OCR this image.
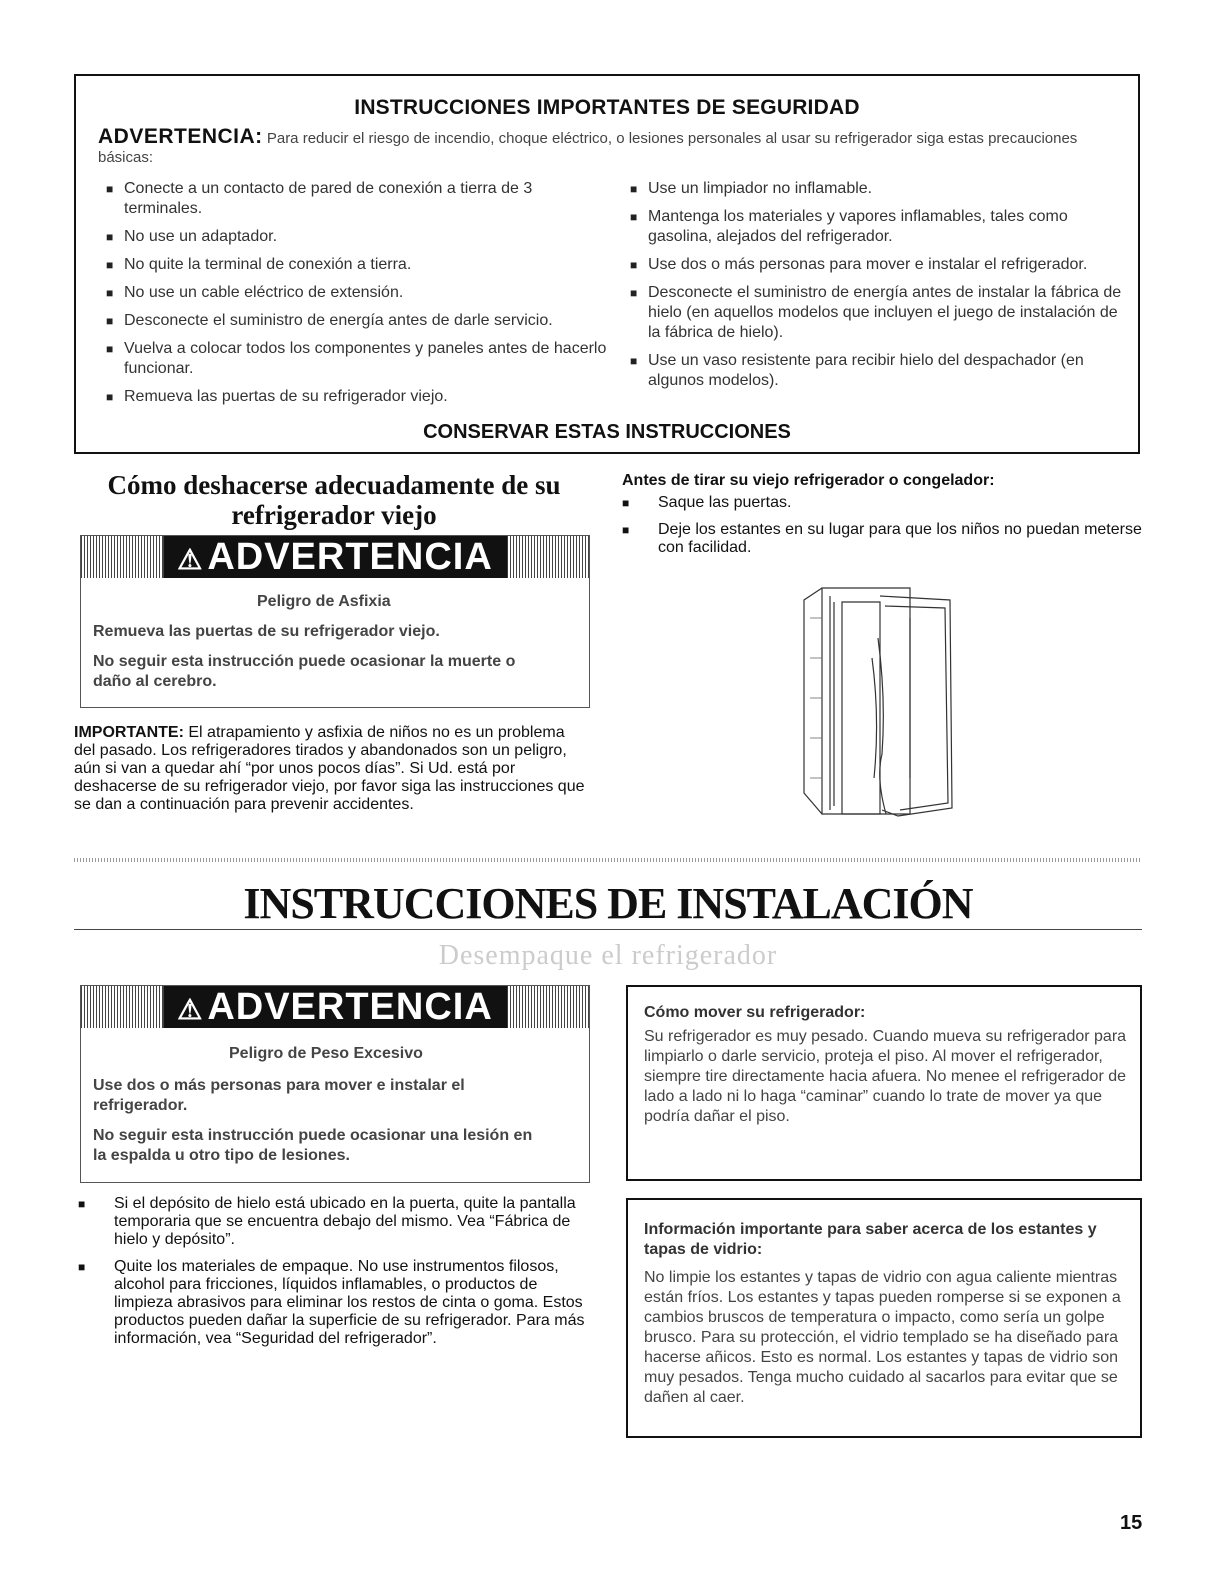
INSTRUCCIONES IMPORTANTES DE SEGURIDAD
ADVERTENCIA: Para reducir el riesgo de incendio, choque eléctrico, o lesiones personales al usar su refrigerador siga estas precauciones básicas:
■ Conecte a un contacto de pared de conexión a tierra de 3 terminales.
■ No use un adaptador.
■ No quite la terminal de conexión a tierra.
■ No use un cable eléctrico de extensión.
■ Desconecte el suministro de energía antes de darle servicio.
■ Vuelva a colocar todos los componentes y paneles antes de hacerlo funcionar.
■ Remueva las puertas de su refrigerador viejo.
■ Use un limpiador no inflamable.
■ Mantenga los materiales y vapores inflamables, tales como gasolina, alejados del refrigerador.
■ Use dos o más personas para mover e instalar el refrigerador.
■ Desconecte el suministro de energía antes de instalar la fábrica de hielo (en aquellos modelos que incluyen el juego de instalación de la fábrica de hielo).
■ Use un vaso resistente para recibir hielo del despachador (en algunos modelos).
CONSERVAR ESTAS INSTRUCCIONES
Cómo deshacerse adecuadamente de su refrigerador viejo
⚠ ADVERTENCIA
Peligro de Asfixia
Remueva las puertas de su refrigerador viejo.
No seguir esta instrucción puede ocasionar la muerte o daño al cerebro.
IMPORTANTE: El atrapamiento y asfixia de niños no es un problema del pasado. Los refrigeradores tirados y abandonados son un peligro, aún si van a quedar ahí “por unos pocos días”. Si Ud. está por deshacerse de su refrigerador viejo, por favor siga las instrucciones que se dan a continuación para prevenir accidentes.
Antes de tirar su viejo refrigerador o congelador:
■ Saque las puertas.
■ Deje los estantes en su lugar para que los niños no puedan meterse con facilidad.
INSTRUCCIONES DE INSTALACIÓN
Desempaque el refrigerador
⚠ ADVERTENCIA
Peligro de Peso Excesivo
Use dos o más personas para mover e instalar el refrigerador.
No seguir esta instrucción puede ocasionar una lesión en la espalda u otro tipo de lesiones.
■ Si el depósito de hielo está ubicado en la puerta, quite la pantalla temporaria que se encuentra debajo del mismo. Vea “Fábrica de hielo y depósito”.
■ Quite los materiales de empaque. No use instrumentos filosos, alcohol para fricciones, líquidos inflamables, o productos de limpieza abrasivos para eliminar los restos de cinta o goma. Estos productos pueden dañar la superficie de su refrigerador. Para más información, vea “Seguridad del refrigerador”.
Cómo mover su refrigerador:
Su refrigerador es muy pesado. Cuando mueva su refrigerador para limpiarlo o darle servicio, proteja el piso. Al mover el refrigerador, siempre tire directamente hacia afuera. No menee el refrigerador de lado a lado ni lo haga “caminar” cuando lo trate de mover ya que podría dañar el piso.
Información importante para saber acerca de los estantes y tapas de vidrio:
No limpie los estantes y tapas de vidrio con agua caliente mientras están fríos. Los estantes y tapas pueden romperse si se exponen a cambios bruscos de temperatura o impacto, como sería un golpe brusco. Para su protección, el vidrio templado se ha diseñado para hacerse añicos. Esto es normal. Los estantes y tapas de vidrio son muy pesados. Tenga mucho cuidado al sacarlos para evitar que se dañen al caer.
15
